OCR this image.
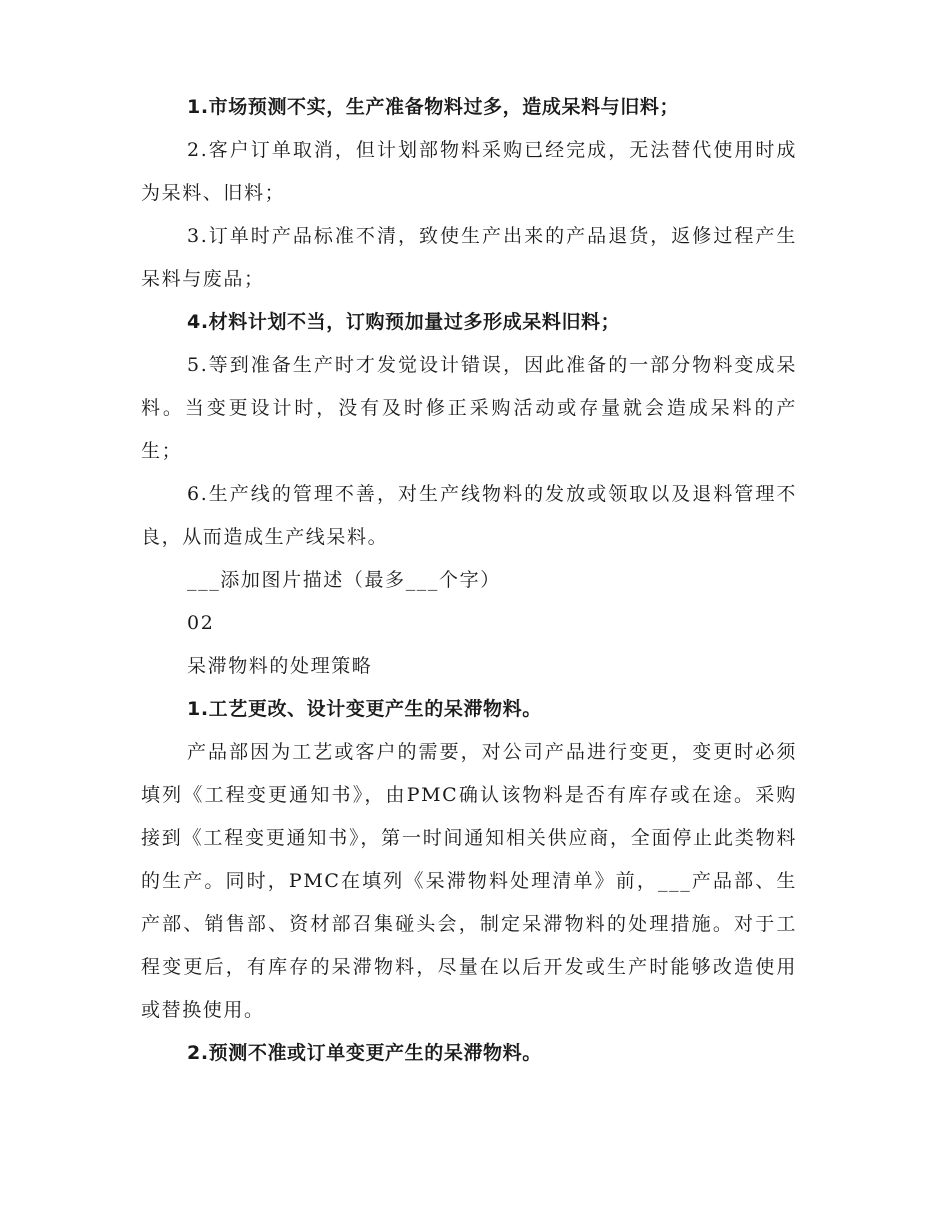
1.市场预测不实，生产准备物料过多，造成呆料与旧料；

2.客户订单取消，但计划部物料采购已经完成，无法替代使用时成为呆料、旧料；

3.订单时产品标准不清，致使生产出来的产品退货，返修过程产生呆料与废品；

4.材料计划不当，订购预加量过多形成呆料旧料；

5.等到准备生产时才发觉设计错误，因此准备的一部分物料变成呆料。当变更设计时，没有及时修正采购活动或存量就会造成呆料的产生；

6.生产线的管理不善，对生产线物料的发放或领取以及退料管理不良，从而造成生产线呆料。

___添加图片描述（最多___个字）

02

呆滞物料的处理策略

1.工艺更改、设计变更产生的呆滞物料。

产品部因为工艺或客户的需要，对公司产品进行变更，变更时必须填列《工程变更通知书》，由PMC确认该物料是否有库存或在途。采购接到《工程变更通知书》，第一时间通知相关供应商，全面停止此类物料的生产。同时，PMC在填列《呆滞物料处理清单》前，___产品部、生产部、销售部、资材部召集碰头会，制定呆滞物料的处理措施。对于工程变更后，有库存的呆滞物料，尽量在以后开发或生产时能够改造使用或替换使用。

2.预测不准或订单变更产生的呆滞物料。
